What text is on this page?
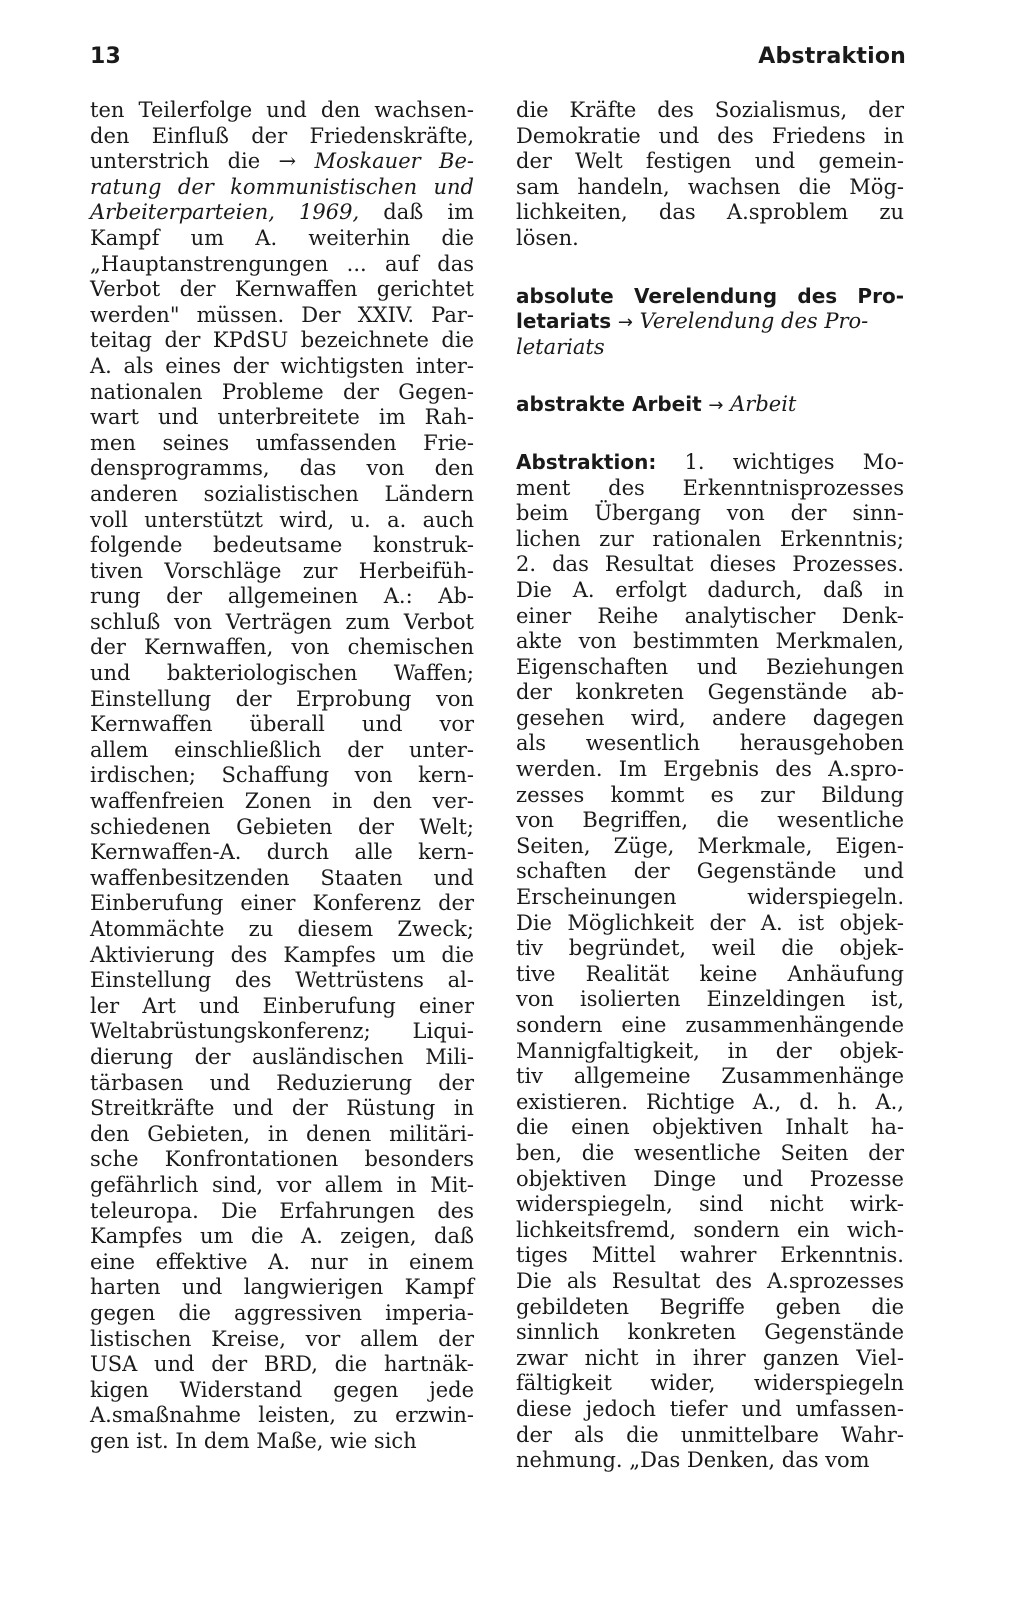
13	Abstraktion
ten Teilerfolge und den wachsen-
den Einfluß der Friedenskräfte,
unterstrich die → Moskauer Be-
ratung der kommunistischen und
Arbeiterparteien, 1969, daß im
Kampf um A. weiterhin die
„Hauptanstrengungen ... auf das
Verbot der Kernwaffen gerichtet
werden" müssen. Der XXIV. Par-
teitag der KPdSU bezeichnete die
A. als eines der wichtigsten inter-
nationalen Probleme der Gegen-
wart und unterbreitete im Rah-
men seines umfassenden Frie-
densprogramms, das von den
anderen sozialistischen Ländern
voll unterstützt wird, u. a. auch
folgende bedeutsame konstruk-
tiven Vorschläge zur Herbeifüh-
rung der allgemeinen A.: Ab-
schluß von Verträgen zum Verbot
der Kernwaffen, von chemischen
und bakteriologischen Waffen;
Einstellung der Erprobung von
Kernwaffen überall und vor
allem einschließlich der unter-
irdischen; Schaffung von kern-
waffenfreien Zonen in den ver-
schiedenen Gebieten der Welt;
Kernwaffen-A. durch alle kern-
waffenbesitzenden Staaten und
Einberufung einer Konferenz der
Atommächte zu diesem Zweck;
Aktivierung des Kampfes um die
Einstellung des Wettrüstens al-
ler Art und Einberufung einer
Weltabrüstungskonferenz; Liqui-
dierung der ausländischen Mili-
tärbasen und Reduzierung der
Streitkräfte und der Rüstung in
den Gebieten, in denen militäri-
sche Konfrontationen besonders
gefährlich sind, vor allem in Mit-
teleuropa. Die Erfahrungen des
Kampfes um die A. zeigen, daß
eine effektive A. nur in einem
harten und langwierigen Kampf
gegen die aggressiven imperia-
listischen Kreise, vor allem der
USA und der BRD, die hartnäk-
kigen Widerstand gegen jede
A.smaßnahme leisten, zu erzwin-
gen ist. In dem Maße, wie sich
die Kräfte des Sozialismus, der
Demokratie und des Friedens in
der Welt festigen und gemein-
sam handeln, wachsen die Mög-
lichkeiten, das A.sproblem zu
lösen.
absolute Verelendung des Pro-
letariats → Verelendung des Pro-
letariats
abstrakte Arbeit → Arbeit
Abstraktion: 1. wichtiges Mo-
ment des Erkenntnisprozesses
beim Übergang von der sinn-
lichen zur rationalen Erkenntnis;
2. das Resultat dieses Prozesses.
Die A. erfolgt dadurch, daß in
einer Reihe analytischer Denk-
akte von bestimmten Merkmalen,
Eigenschaften und Beziehungen
der konkreten Gegenstände ab-
gesehen wird, andere dagegen
als wesentlich herausgehoben
werden. Im Ergebnis des A.spro-
zesses kommt es zur Bildung
von Begriffen, die wesentliche
Seiten, Züge, Merkmale, Eigen-
schaften der Gegenstände und
Erscheinungen widerspiegeln.
Die Möglichkeit der A. ist objek-
tiv begründet, weil die objek-
tive Realität keine Anhäufung
von isolierten Einzeldingen ist,
sondern eine zusammenhängende
Mannigfaltigkeit, in der objek-
tiv allgemeine Zusammenhänge
existieren. Richtige A., d. h. A.,
die einen objektiven Inhalt ha-
ben, die wesentliche Seiten der
objektiven Dinge und Prozesse
widerspiegeln, sind nicht wirk-
lichkeitsfremd, sondern ein wich-
tiges Mittel wahrer Erkenntnis.
Die als Resultat des A.sprozesses
gebildeten Begriffe geben die
sinnlich konkreten Gegenstände
zwar nicht in ihrer ganzen Viel-
fältigkeit wider, widerspiegeln
diese jedoch tiefer und umfassen-
der als die unmittelbare Wahr-
nehmung. „Das Denken, das vom
